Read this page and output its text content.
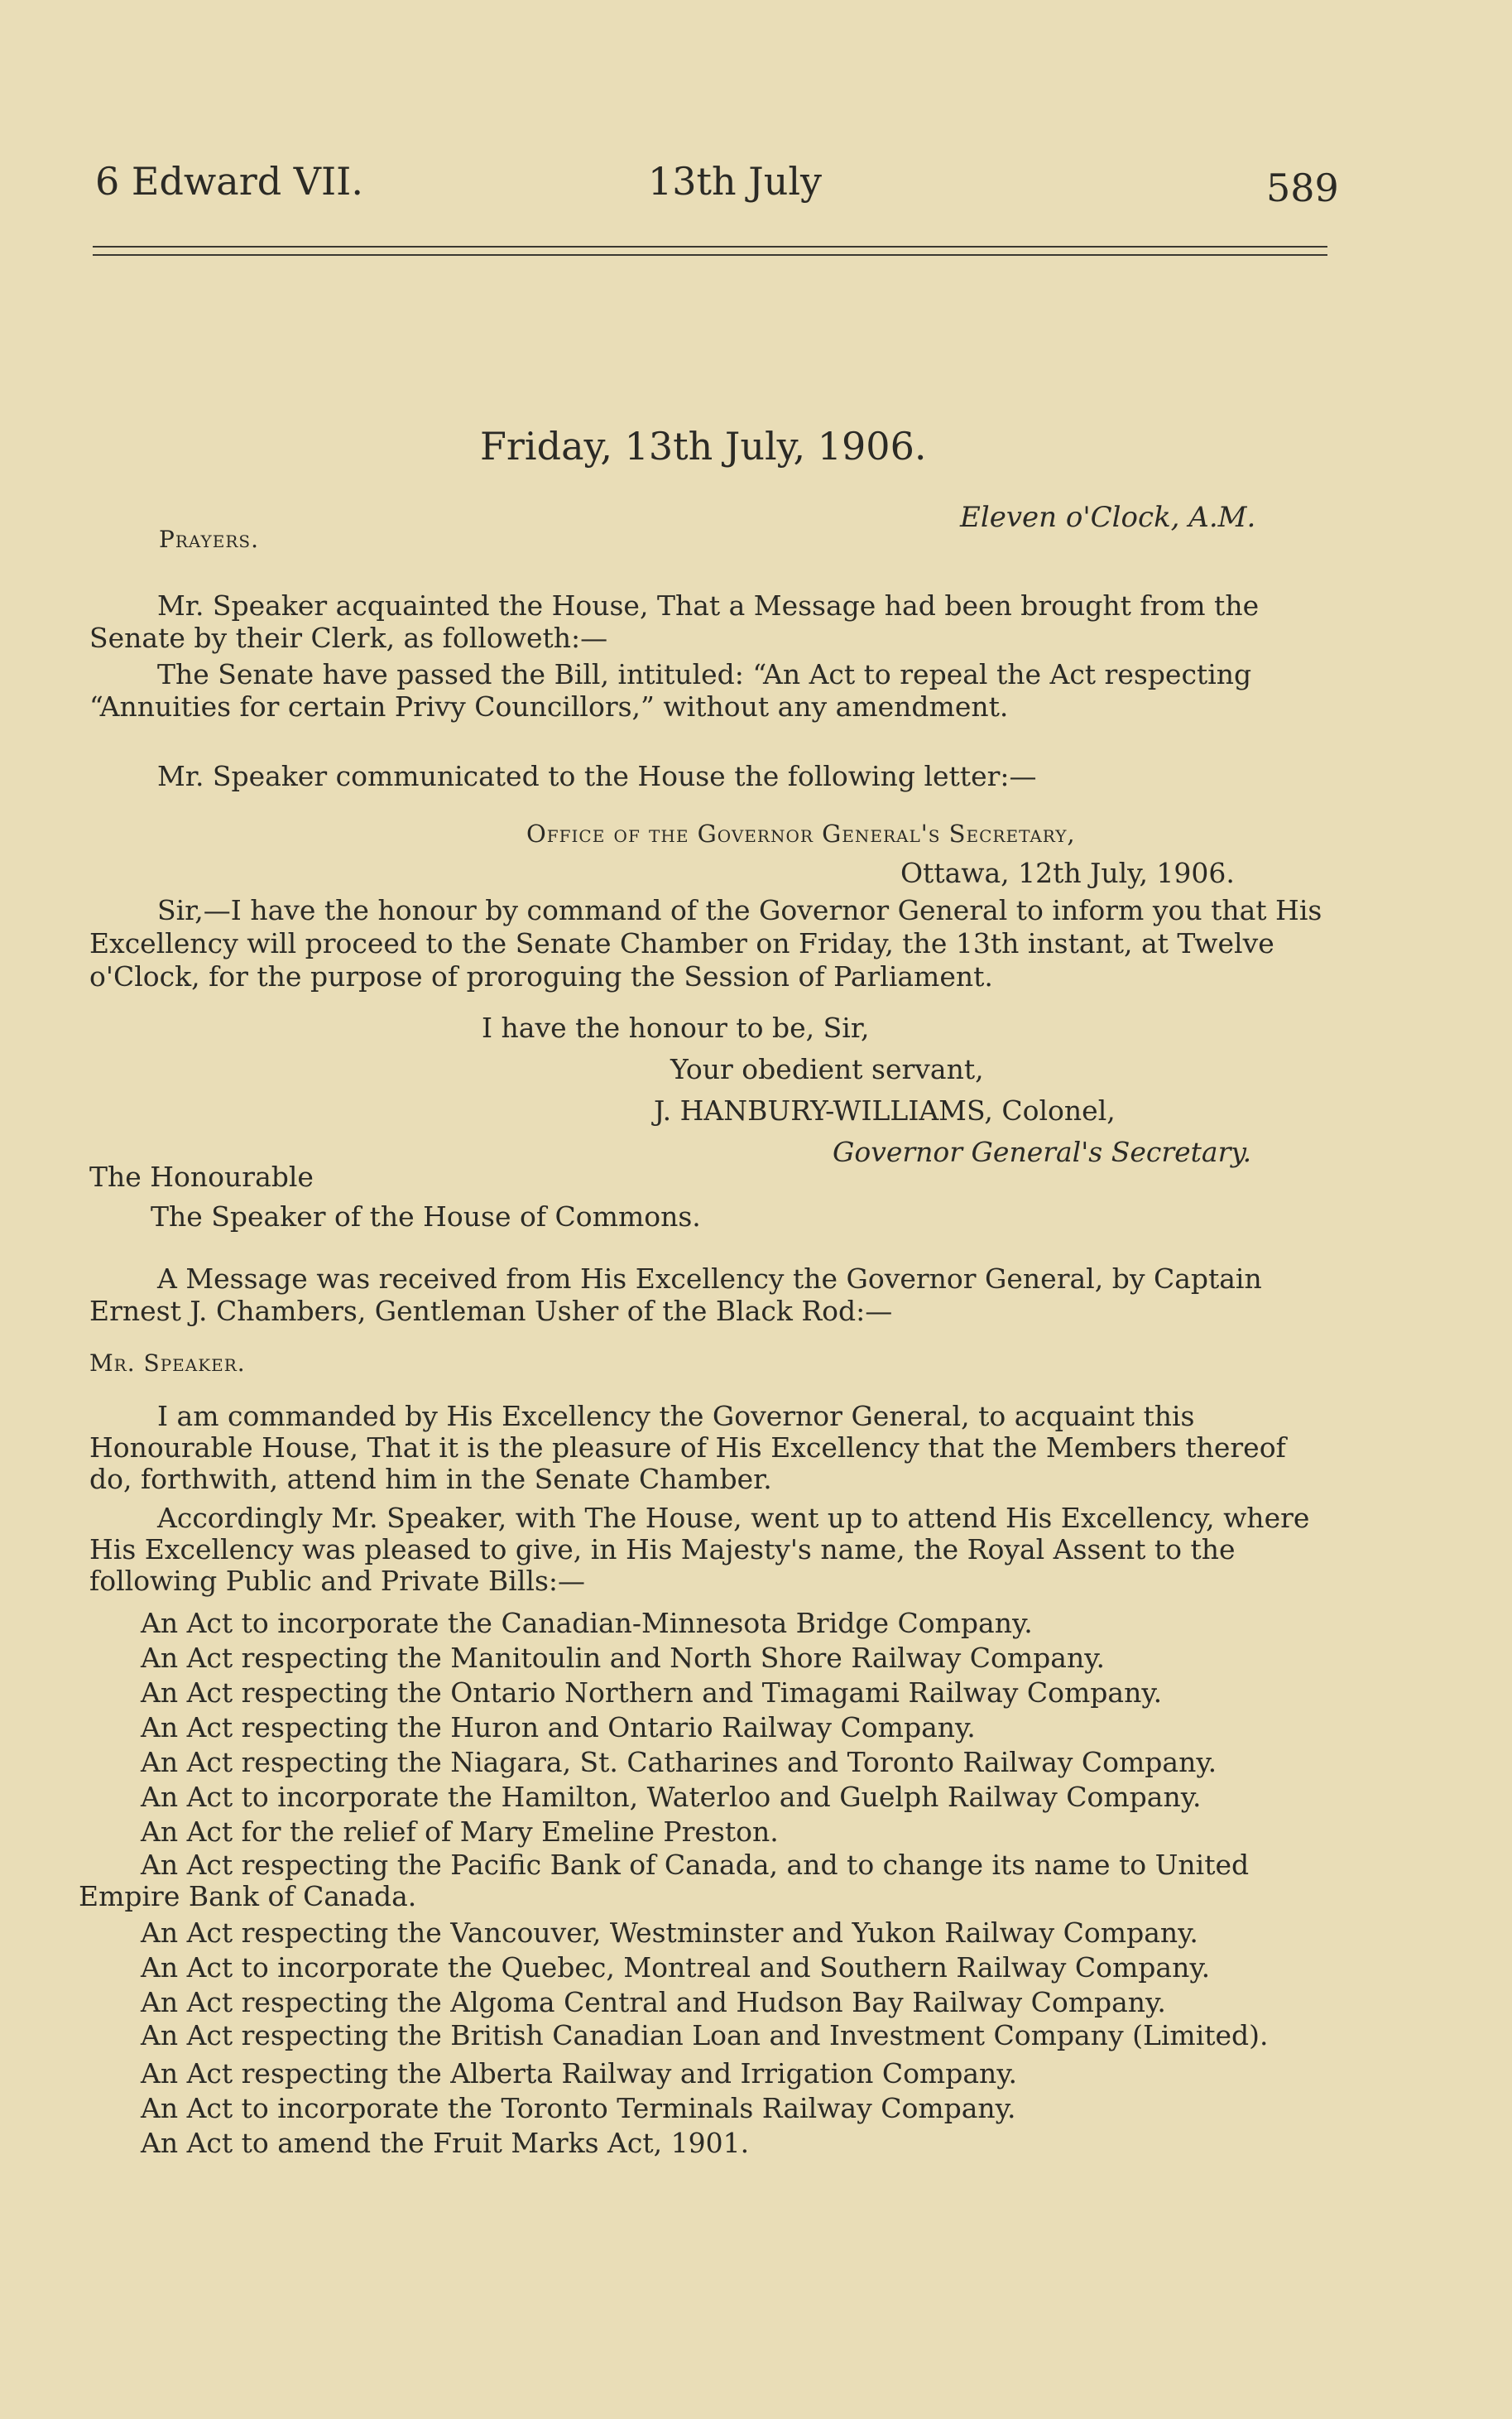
6 Edward VII.	13th July	589
Friday, 13th July, 1906.
Eleven o'Clock, A.M.
Prayers.
Mr. Speaker acquainted the House, That a Message had been brought from the Senate by their Clerk, as followeth:—
The Senate have passed the Bill, intituled: “An Act to repeal the Act respecting “Annuities for certain Privy Councillors,” without any amendment.
Mr. Speaker communicated to the House the following letter:—
Office of the Governor General's Secretary,
Ottawa, 12th July, 1906.
Sir,—I have the honour by command of the Governor General to inform you that His Excellency will proceed to the Senate Chamber on Friday, the 13th instant, at Twelve o'Clock, for the purpose of proroguing the Session of Parliament.
I have the honour to be, Sir,
Your obedient servant,
J. HANBURY-WILLIAMS, Colonel,
Governor General's Secretary.
The Honourable
The Speaker of the House of Commons.
A Message was received from His Excellency the Governor General, by Captain Ernest J. Chambers, Gentleman Usher of the Black Rod:—
Mr. Speaker.
I am commanded by His Excellency the Governor General, to acquaint this Honourable House, That it is the pleasure of His Excellency that the Members thereof do, forthwith, attend him in the Senate Chamber.
Accordingly Mr. Speaker, with The House, went up to attend His Excellency, where His Excellency was pleased to give, in His Majesty's name, the Royal Assent to the following Public and Private Bills:—
An Act to incorporate the Canadian-Minnesota Bridge Company.
An Act respecting the Manitoulin and North Shore Railway Company.
An Act respecting the Ontario Northern and Timagami Railway Company.
An Act respecting the Huron and Ontario Railway Company.
An Act respecting the Niagara, St. Catharines and Toronto Railway Company.
An Act to incorporate the Hamilton, Waterloo and Guelph Railway Company.
An Act for the relief of Mary Emeline Preston.
An Act respecting the Pacific Bank of Canada, and to change its name to United Empire Bank of Canada.
An Act respecting the Vancouver, Westminster and Yukon Railway Company.
An Act to incorporate the Quebec, Montreal and Southern Railway Company.
An Act respecting the Algoma Central and Hudson Bay Railway Company.
An Act respecting the British Canadian Loan and Investment Company (Limited).
An Act respecting the Alberta Railway and Irrigation Company.
An Act to incorporate the Toronto Terminals Railway Company.
An Act to amend the Fruit Marks Act, 1901.
